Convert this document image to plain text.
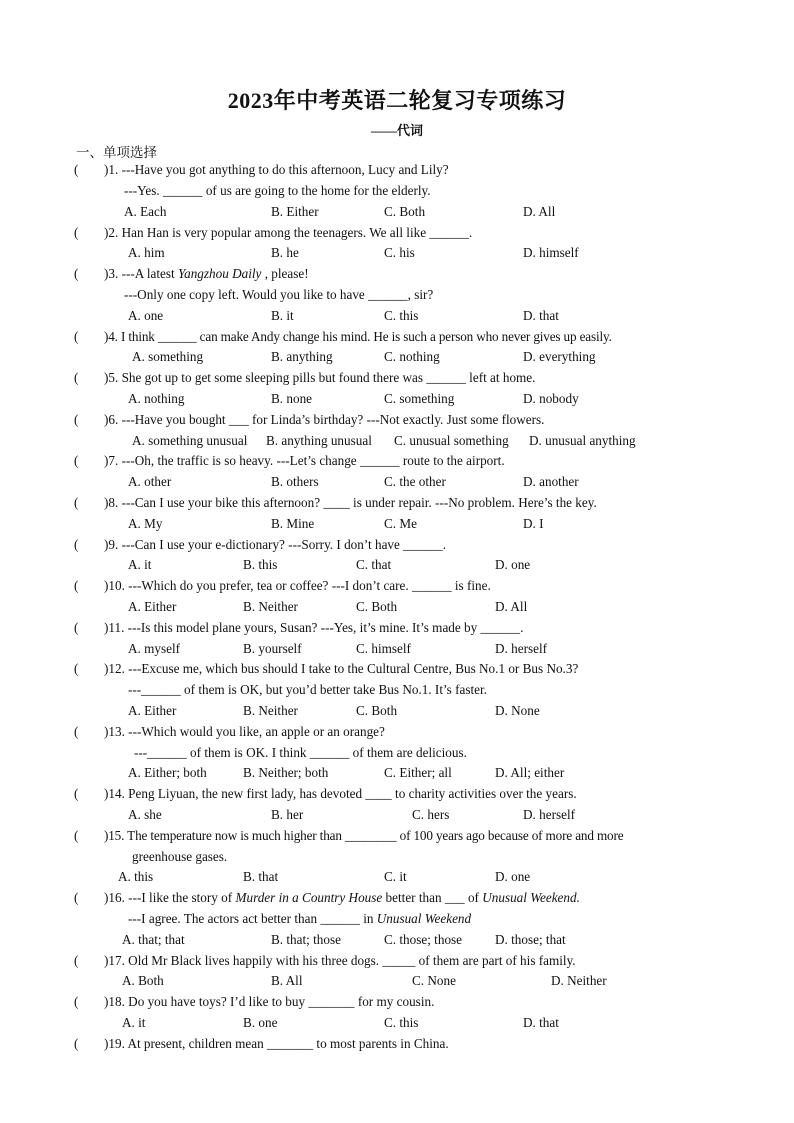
2023年中考英语二轮复习专项练习
——代词
一、单项选择
( )1. ---Have you got anything to do this afternoon, Lucy and Lily?
---Yes. ______ of us are going to the home for the elderly.
A. Each	B. Either	C. Both	D. All
( )2. Han Han is very popular among the teenagers. We all like ______.
A. him	B. he	C. his	D. himself
( )3. ---A latest Yangzhou Daily , please!
---Only one copy left. Would you like to have ______, sir?
A. one	B. it	C. this	D. that
( )4. I think ______ can make Andy change his mind. He is such a person who never gives up easily.
A. something	B. anything	C. nothing	D. everything
( )5. She got up to get some sleeping pills but found there was ______ left at home.
A. nothing	B. none	C. something	D. nobody
( )6. ---Have you bought ___ for Linda’s birthday? ---Not exactly. Just some flowers.
A. something unusual B. anything unusual C. unusual something D. unusual anything
( )7. ---Oh, the traffic is so heavy. ---Let’s change ______ route to the airport.
A. other	B. others	C. the other	D. another
( )8. ---Can I use your bike this afternoon? ____ is under repair. ---No problem. Here’s the key.
A. My	B. Mine	C. Me	D. I
( )9. ---Can I use your e-dictionary? ---Sorry. I don’t have ______.
A. it	B. this	C. that	D. one
( )10. ---Which do you prefer, tea or coffee? ---I don’t care. ______ is fine.
A. Either	B. Neither	C. Both	D. All
( )11. ---Is this model plane yours, Susan? ---Yes, it’s mine. It’s made by ______.
A. myself	B. yourself	C. himself	D. herself
( )12. ---Excuse me, which bus should I take to the Cultural Centre, Bus No.1 or Bus No.3?
---______ of them is OK, but you’d better take Bus No.1. It’s faster.
A. Either	B. Neither	C. Both	D. None
( )13. ---Which would you like, an apple or an orange?
---______ of them is OK. I think ______ of them are delicious.
A. Either; both	B. Neither; both	C. Either; all	D. All; either
( )14. Peng Liyuan, the new first lady, has devoted ____ to charity activities over the years.
A. she	B. her	C. hers	D. herself
( )15. The temperature now is much higher than ________ of 100 years ago because of more and more
greenhouse gases.
A. this	B. that	C. it	D. one
( )16. ---I like the story of Murder in a Country House better than ___ of Unusual Weekend.
---I agree. The actors act better than ______ in Unusual Weekend
A. that; that	B. that; those	C. those; those D. those; that
( )17. Old Mr Black lives happily with his three dogs. _____ of them are part of his family.
A. Both	B. All	C. None	D. Neither
( )18. Do you have toys? I’d like to buy _______ for my cousin.
A. it	B. one	C. this	D. that
( )19. At present, children mean _______ to most parents in China.
